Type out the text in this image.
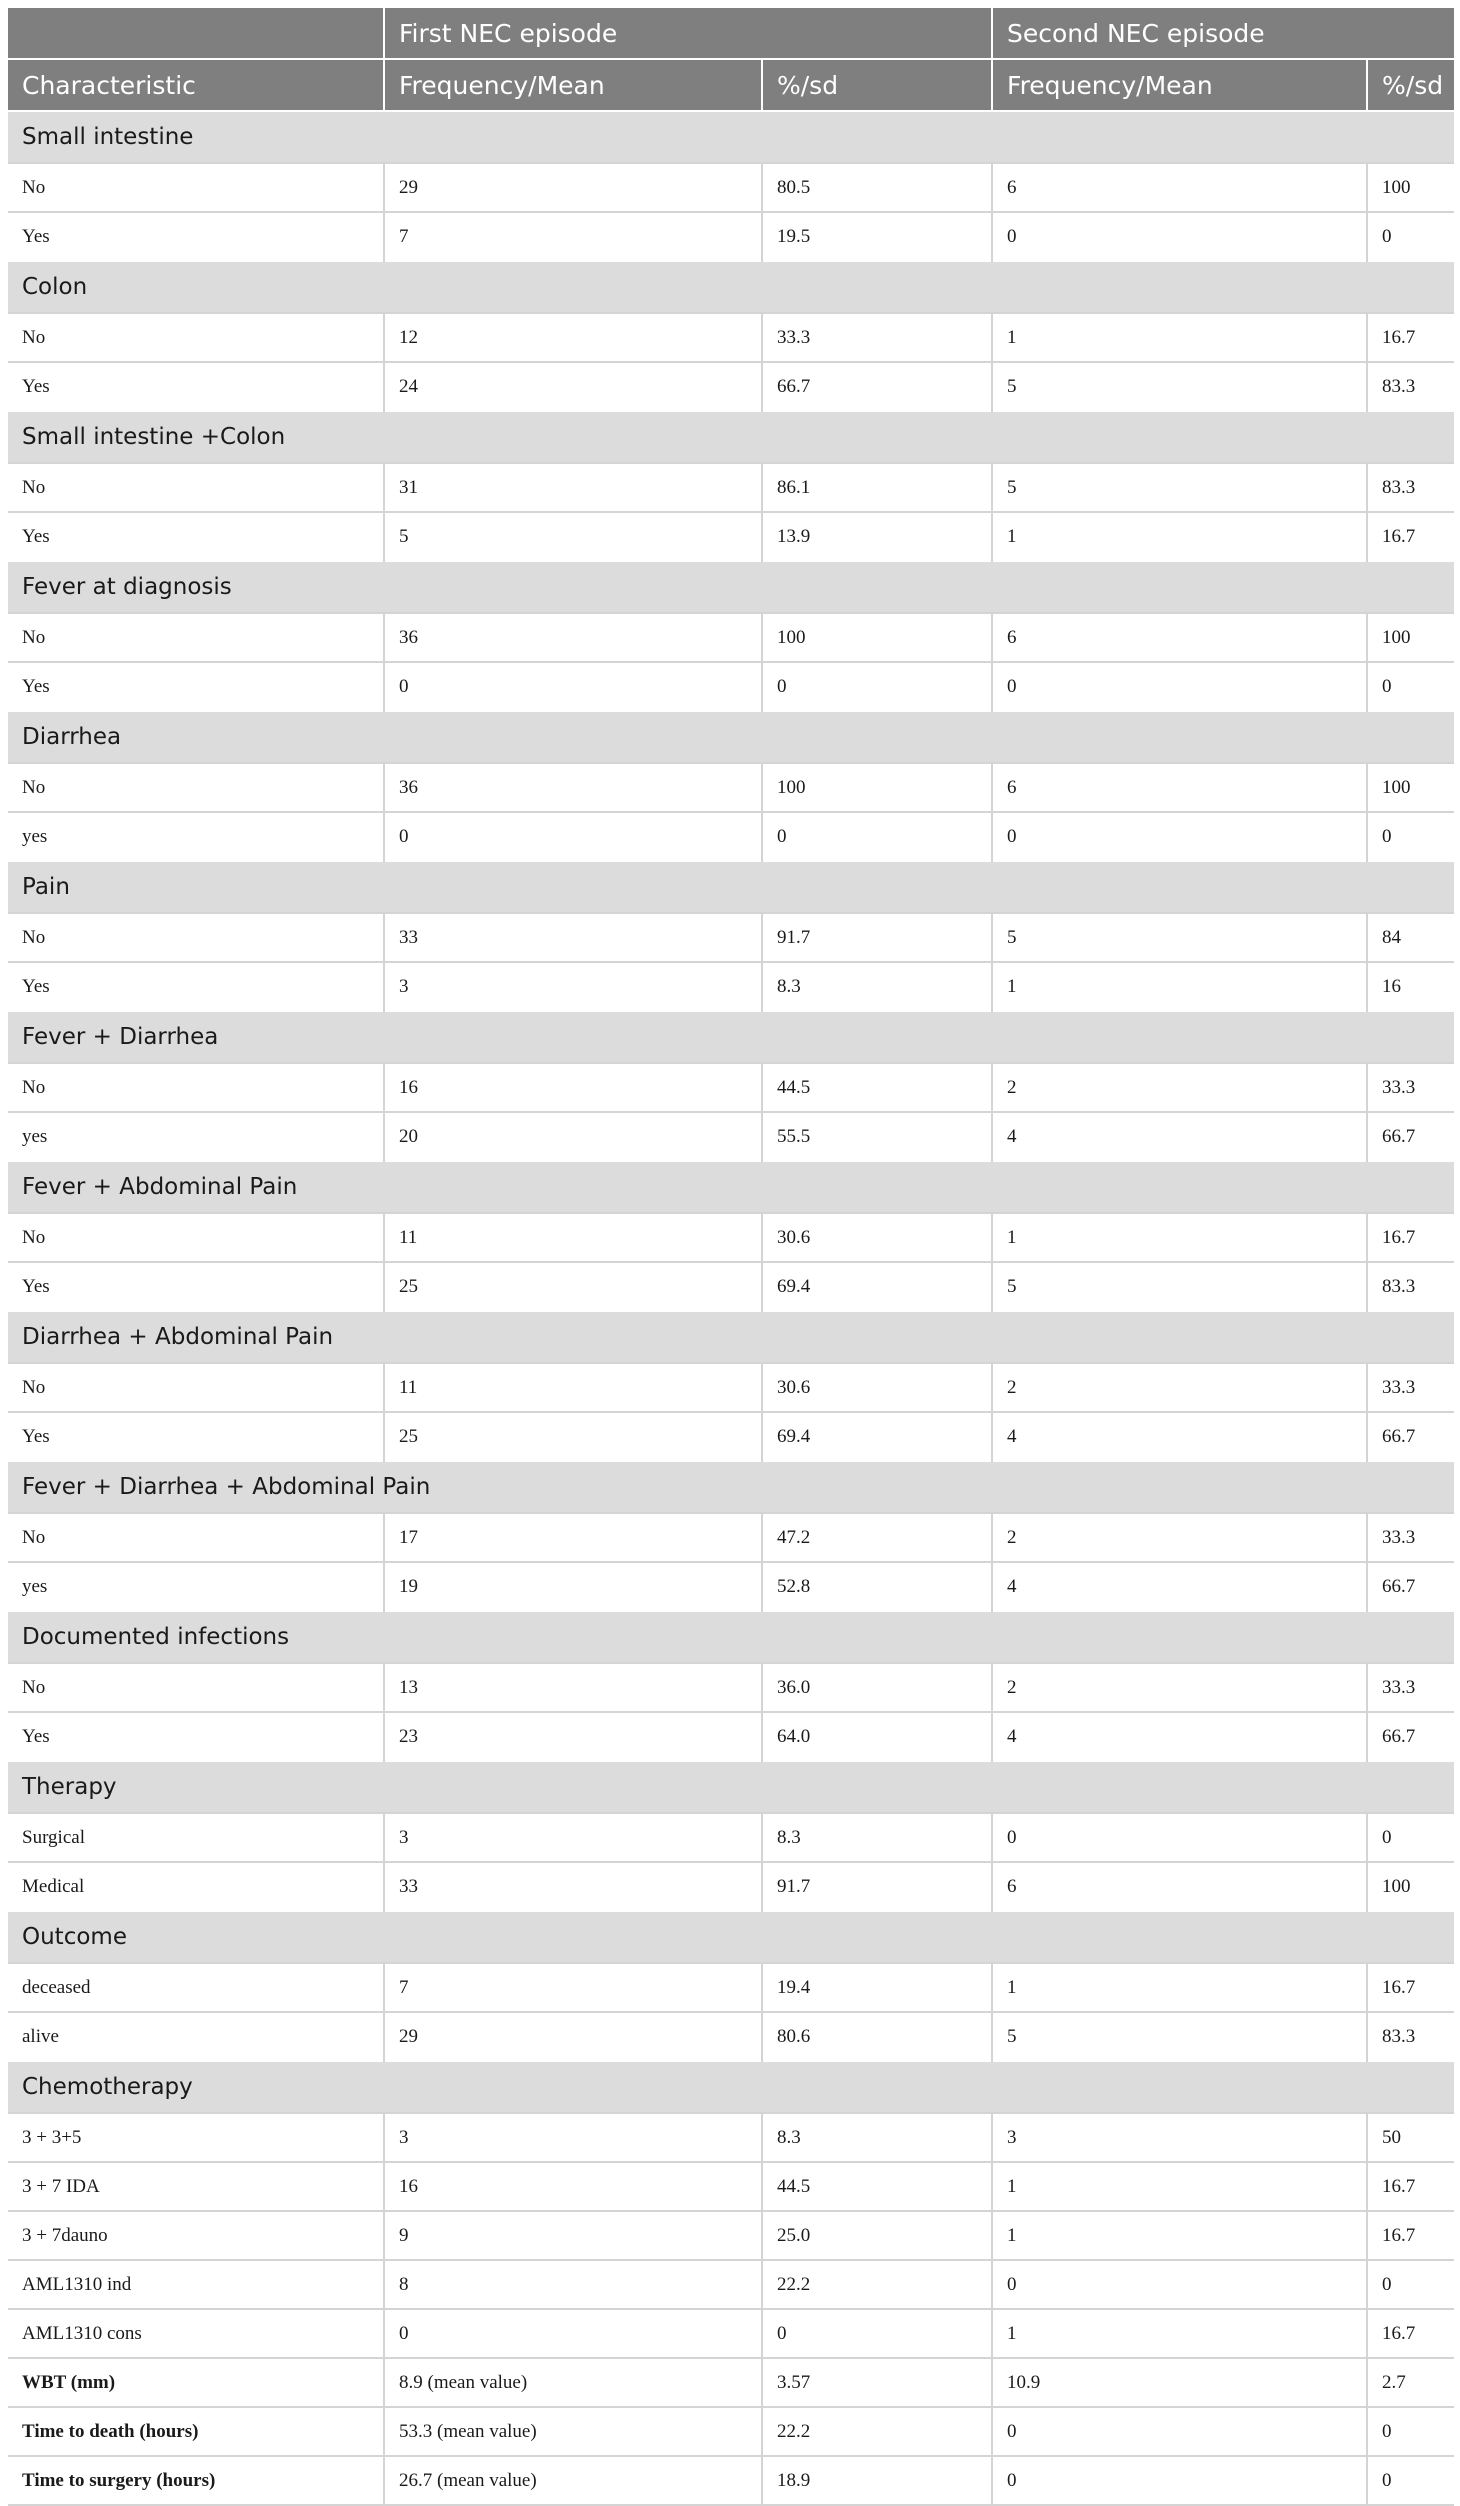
	First NEC episode		Second NEC episode	
Characteristic	Frequency/Mean	%/sd	Frequency/Mean	%/sd
Small intestine				
No	29	80.5	6	100
Yes	7	19.5	0	0
Colon				
No	12	33.3	1	16.7
Yes	24	66.7	5	83.3
Small intestine +Colon				
No	31	86.1	5	83.3
Yes	5	13.9	1	16.7
Fever at diagnosis				
No	36	100	6	100
Yes	0	0	0	0
Diarrhea				
No	36	100	6	100
yes	0	0	0	0
Pain				
No	33	91.7	5	84
Yes	3	8.3	1	16
Fever + Diarrhea				
No	16	44.5	2	33.3
yes	20	55.5	4	66.7
Fever + Abdominal Pain				
No	11	30.6	1	16.7
Yes	25	69.4	5	83.3
Diarrhea + Abdominal Pain				
No	11	30.6	2	33.3
Yes	25	69.4	4	66.7
Fever + Diarrhea + Abdominal Pain				
No	17	47.2	2	33.3
yes	19	52.8	4	66.7
Documented infections				
No	13	36.0	2	33.3
Yes	23	64.0	4	66.7
Therapy				
Surgical	3	8.3	0	0
Medical	33	91.7	6	100
Outcome				
deceased	7	19.4	1	16.7
alive	29	80.6	5	83.3
Chemotherapy				
3 + 3+5	3	8.3	3	50
3 + 7 IDA	16	44.5	1	16.7
3 + 7dauno	9	25.0	1	16.7
AML1310 ind	8	22.2	0	0
AML1310 cons	0	0	1	16.7
WBT (mm)	8.9 (mean value)	3.57	10.9	2.7
Time to death (hours)	53.3 (mean value)	22.2	0	0
Time to surgery (hours)	26.7 (mean value)	18.9	0	0
